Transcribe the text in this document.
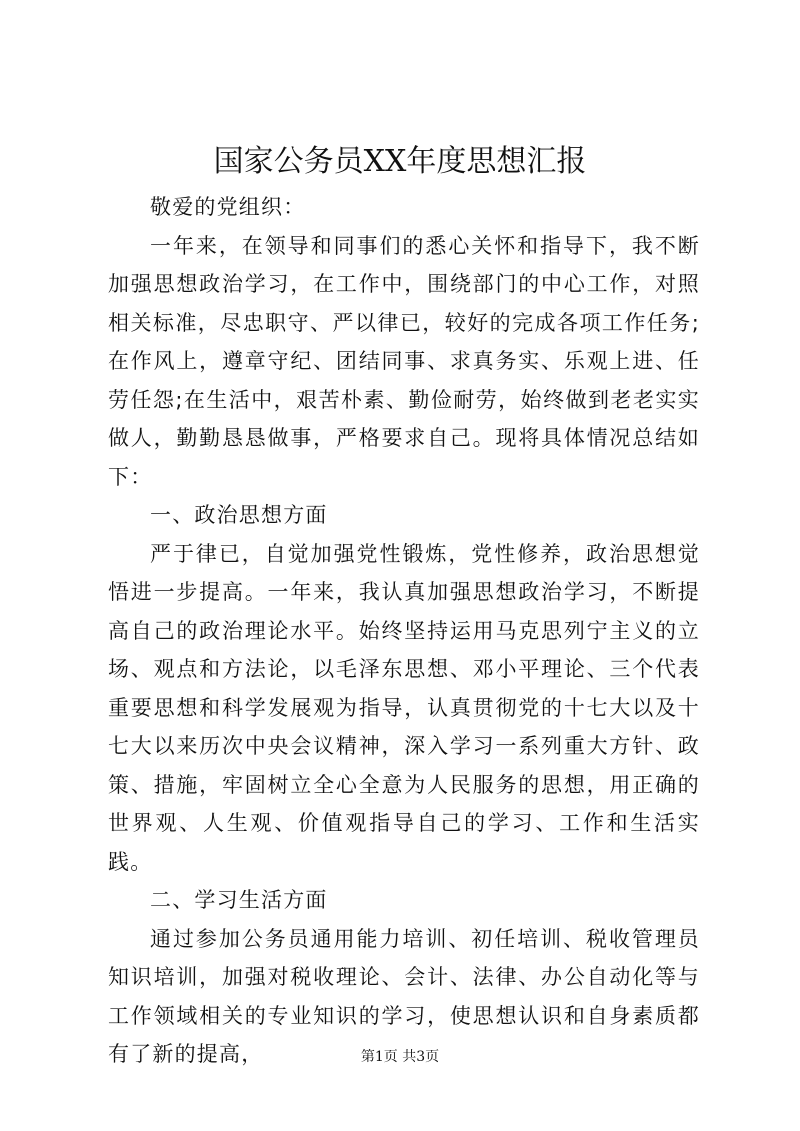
国家公务员XX年度思想汇报

敬爱的党组织：

一年来，在领导和同事们的悉心关怀和指导下，我不断加强思想政治学习，在工作中，围绕部门的中心工作，对照相关标准，尽忠职守、严以律已，较好的完成各项工作任务;在作风上，遵章守纪、团结同事、求真务实、乐观上进、任劳任怨;在生活中，艰苦朴素、勤俭耐劳，始终做到老老实实做人，勤勤恳恳做事，严格要求自己。现将具体情况总结如下：

一、政治思想方面

严于律已，自觉加强党性锻炼，党性修养，政治思想觉悟进一步提高。一年来，我认真加强思想政治学习，不断提高自己的政治理论水平。始终坚持运用马克思列宁主义的立场、观点和方法论，以毛泽东思想、邓小平理论、三个代表重要思想和科学发展观为指导，认真贯彻党的十七大以及十七大以来历次中央会议精神，深入学习一系列重大方针、政策、措施，牢固树立全心全意为人民服务的思想，用正确的世界观、人生观、价值观指导自己的学习、工作和生活实践。

二、学习生活方面

通过参加公务员通用能力培训、初任培训、税收管理员知识培训，加强对税收理论、会计、法律、办公自动化等与工作领域相关的专业知识的学习，使思想认识和自身素质都有了新的提高，	第1页 共3页
